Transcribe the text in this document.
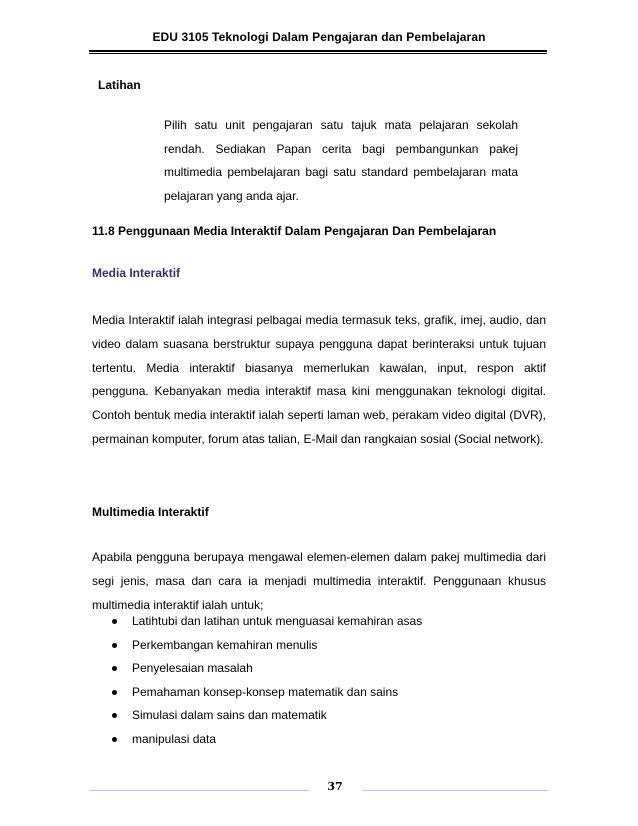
EDU 3105 Teknologi Dalam Pengajaran dan Pembelajaran
Latihan
Pilih satu unit pengajaran satu tajuk mata pelajaran sekolah rendah. Sediakan Papan cerita bagi pembangunkan pakej multimedia pembelajaran bagi satu standard pembelajaran mata pelajaran yang anda ajar.
11.8 Penggunaan Media Interaktif Dalam Pengajaran Dan Pembelajaran
Media Interaktif
Media Interaktif ialah integrasi pelbagai media termasuk teks, grafik, imej, audio, dan video dalam suasana berstruktur supaya pengguna dapat berinteraksi untuk tujuan tertentu. Media interaktif biasanya memerlukan kawalan, input, respon aktif pengguna. Kebanyakan media interaktif masa kini menggunakan teknologi digital. Contoh bentuk media interaktif ialah seperti laman web, perakam video digital (DVR), permainan komputer, forum atas talian, E-Mail dan rangkaian sosial (Social network).
Multimedia Interaktif
Apabila pengguna berupaya mengawal elemen-elemen dalam pakej multimedia dari segi jenis, masa dan cara ia menjadi multimedia interaktif. Penggunaan khusus multimedia interaktif ialah untuk;
Latihtubi dan latihan untuk menguasai kemahiran asas
Perkembangan kemahiran menulis
Penyelesaian masalah
Pemahaman konsep-konsep matematik dan sains
Simulasi dalam sains dan matematik
manipulasi data
37
